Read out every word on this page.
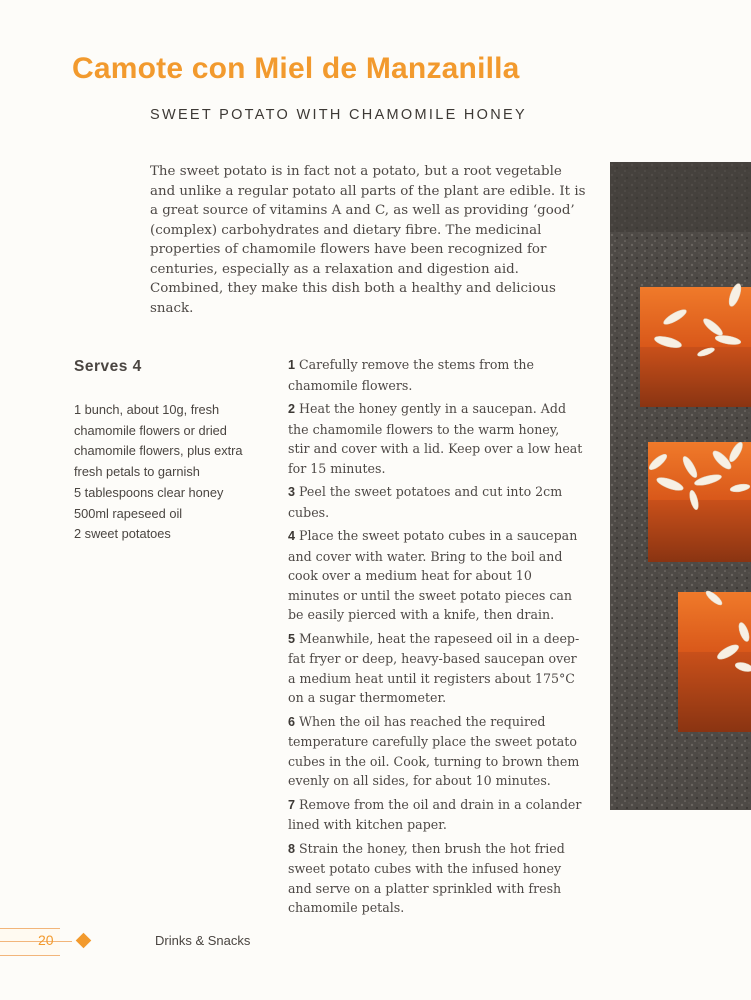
Camote con Miel de Manzanilla
SWEET POTATO WITH CHAMOMILE HONEY

The sweet potato is in fact not a potato, but a root vegetable and unlike a regular potato all parts of the plant are edible. It is a great source of vitamins A and C, as well as providing ‘good’ (complex) carbohydrates and dietary fibre. The medicinal properties of chamomile flowers have been recognized for centuries, especially as a relaxation and digestion aid. Combined, they make this dish both a healthy and delicious snack.

Serves 4
1 bunch, about 10g, fresh
chamomile flowers or dried
chamomile flowers, plus extra
fresh petals to garnish
5 tablespoons clear honey
500ml rapeseed oil
2 sweet potatoes
1 Carefully remove the stems from the chamomile flowers.
2 Heat the honey gently in a saucepan. Add the chamomile flowers to the warm honey, stir and cover with a lid. Keep over a low heat for 15 minutes.
3 Peel the sweet potatoes and cut into 2cm cubes.
4 Place the sweet potato cubes in a saucepan and cover with water. Bring to the boil and cook over a medium heat for about 10 minutes or until the sweet potato pieces can be easily pierced with a knife, then drain.
5 Meanwhile, heat the rapeseed oil in a deep-fat fryer or deep, heavy-based saucepan over a medium heat until it registers about 175°C on a sugar thermometer.
6 When the oil has reached the required temperature carefully place the sweet potato cubes in the oil. Cook, turning to brown them evenly on all sides, for about 10 minutes.
7 Remove from the oil and drain in a colander lined with kitchen paper.
8 Strain the honey, then brush the hot fried sweet potato cubes with the infused honey and serve on a platter sprinkled with fresh chamomile petals.
20	Drinks & Snacks
